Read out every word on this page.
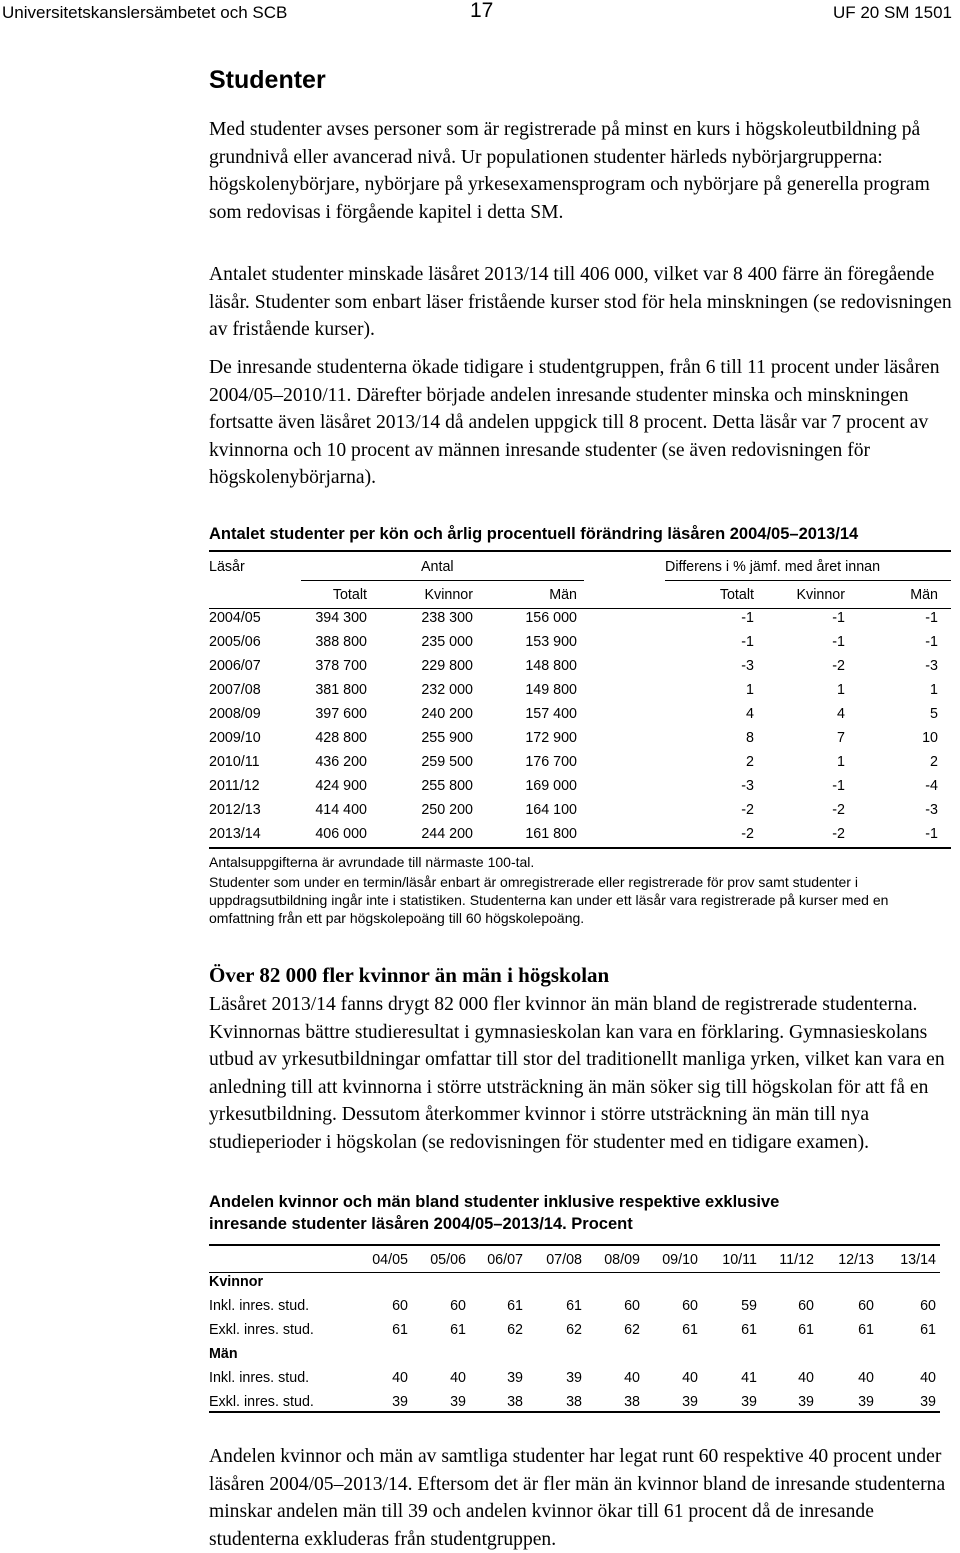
Universitetskanslersämbetet och SCB	17	UF 20 SM 1501
Studenter

Med studenter avses personer som är registrerade på minst en kurs i högskoleutbildning på grundnivå eller avancerad nivå. Ur populationen studenter härleds nybörjargrupperna: högskolenybörjare, nybörjare på yrkesexamensprogram och nybörjare på generella program som redovisas i förgående kapitel i detta SM.

Antalet studenter minskade läsåret 2013/14 till 406 000, vilket var 8 400 färre än föregående läsår. Studenter som enbart läser fristående kurser stod för hela minskningen (se redovisningen av fristående kurser).

De inresande studenterna ökade tidigare i studentgruppen, från 6 till 11 procent under läsåren 2004/05–2010/11. Därefter började andelen inresande studenter minska och minskningen fortsatte även läsåret 2013/14 då andelen uppgick till 8 procent. Detta läsår var 7 procent av kvinnorna och 10 procent av männen inresande studenter (se även redovisningen för högskolenybörjarna).

Antalet studenter per kön och årlig procentuell förändring läsåren 2004/05–2013/14

Läsår	Antal	Differens i % jämf. med året innan
Totalt	Kvinnor	Män	Totalt	Kvinnor	Män
2004/05	394 300	238 300	156 000	-1	-1	-1
2005/06	388 800	235 000	153 900	-1	-1	-1
2006/07	378 700	229 800	148 800	-3	-2	-3
2007/08	381 800	232 000	149 800	1	1	1
2008/09	397 600	240 200	157 400	4	4	5
2009/10	428 800	255 900	172 900	8	7	10
2010/11	436 200	259 500	176 700	2	1	2
2011/12	424 900	255 800	169 000	-3	-1	-4
2012/13	414 400	250 200	164 100	-2	-2	-3
2013/14	406 000	244 200	161 800	-2	-2	-1

Antalsuppgifterna är avrundade till närmaste 100-tal.

Studenter som under en termin/läsår enbart är omregistrerade eller registrerade för prov samt studenter i uppdragsutbildning ingår inte i statistiken. Studenterna kan under ett läsår vara registrerade på kurser med en omfattning från ett par högskolepoäng till 60 högskolepoäng.

Över 82 000 fler kvinnor än män i högskolan

Läsåret 2013/14 fanns drygt 82 000 fler kvinnor än män bland de registrerade studenterna. Kvinnornas bättre studieresultat i gymnasieskolan kan vara en förklaring. Gymnasieskolans utbud av yrkesutbildningar omfattar till stor del traditionellt manliga yrken, vilket kan vara en anledning till att kvinnorna i större utsträckning än män söker sig till högskolan för att få en yrkesutbildning. Dessutom återkommer kvinnor i större utsträckning än män till nya studieperioder i högskolan (se redovisningen för studenter med en tidigare examen).

Andelen kvinnor och män bland studenter inklusive respektive exklusive

inresande studenter läsåren 2004/05–2013/14. Procent

04/05 05/06 06/07 07/08 08/09 09/10 10/11 11/12 12/13 13/14
Kvinnor
Inkl. inres. stud.	60	60	61	61	60	60	59	60	60	60
Exkl. inres. stud.	61	61	62	62	62	61	61	61	61	61
Män
Inkl. inres. stud.	40	40	39	39	40	40	41	40	40	40
Exkl. inres. stud.	39	39	38	38	38	39	39	39	39	39

Andelen kvinnor och män av samtliga studenter har legat runt 60 respektive 40 procent under läsåren 2004/05–2013/14. Eftersom det är fler män än kvinnor bland de inresande studenterna minskar andelen män till 39 och andelen kvinnor ökar till 61 procent då de inresande studenterna exkluderas från studentgruppen.
